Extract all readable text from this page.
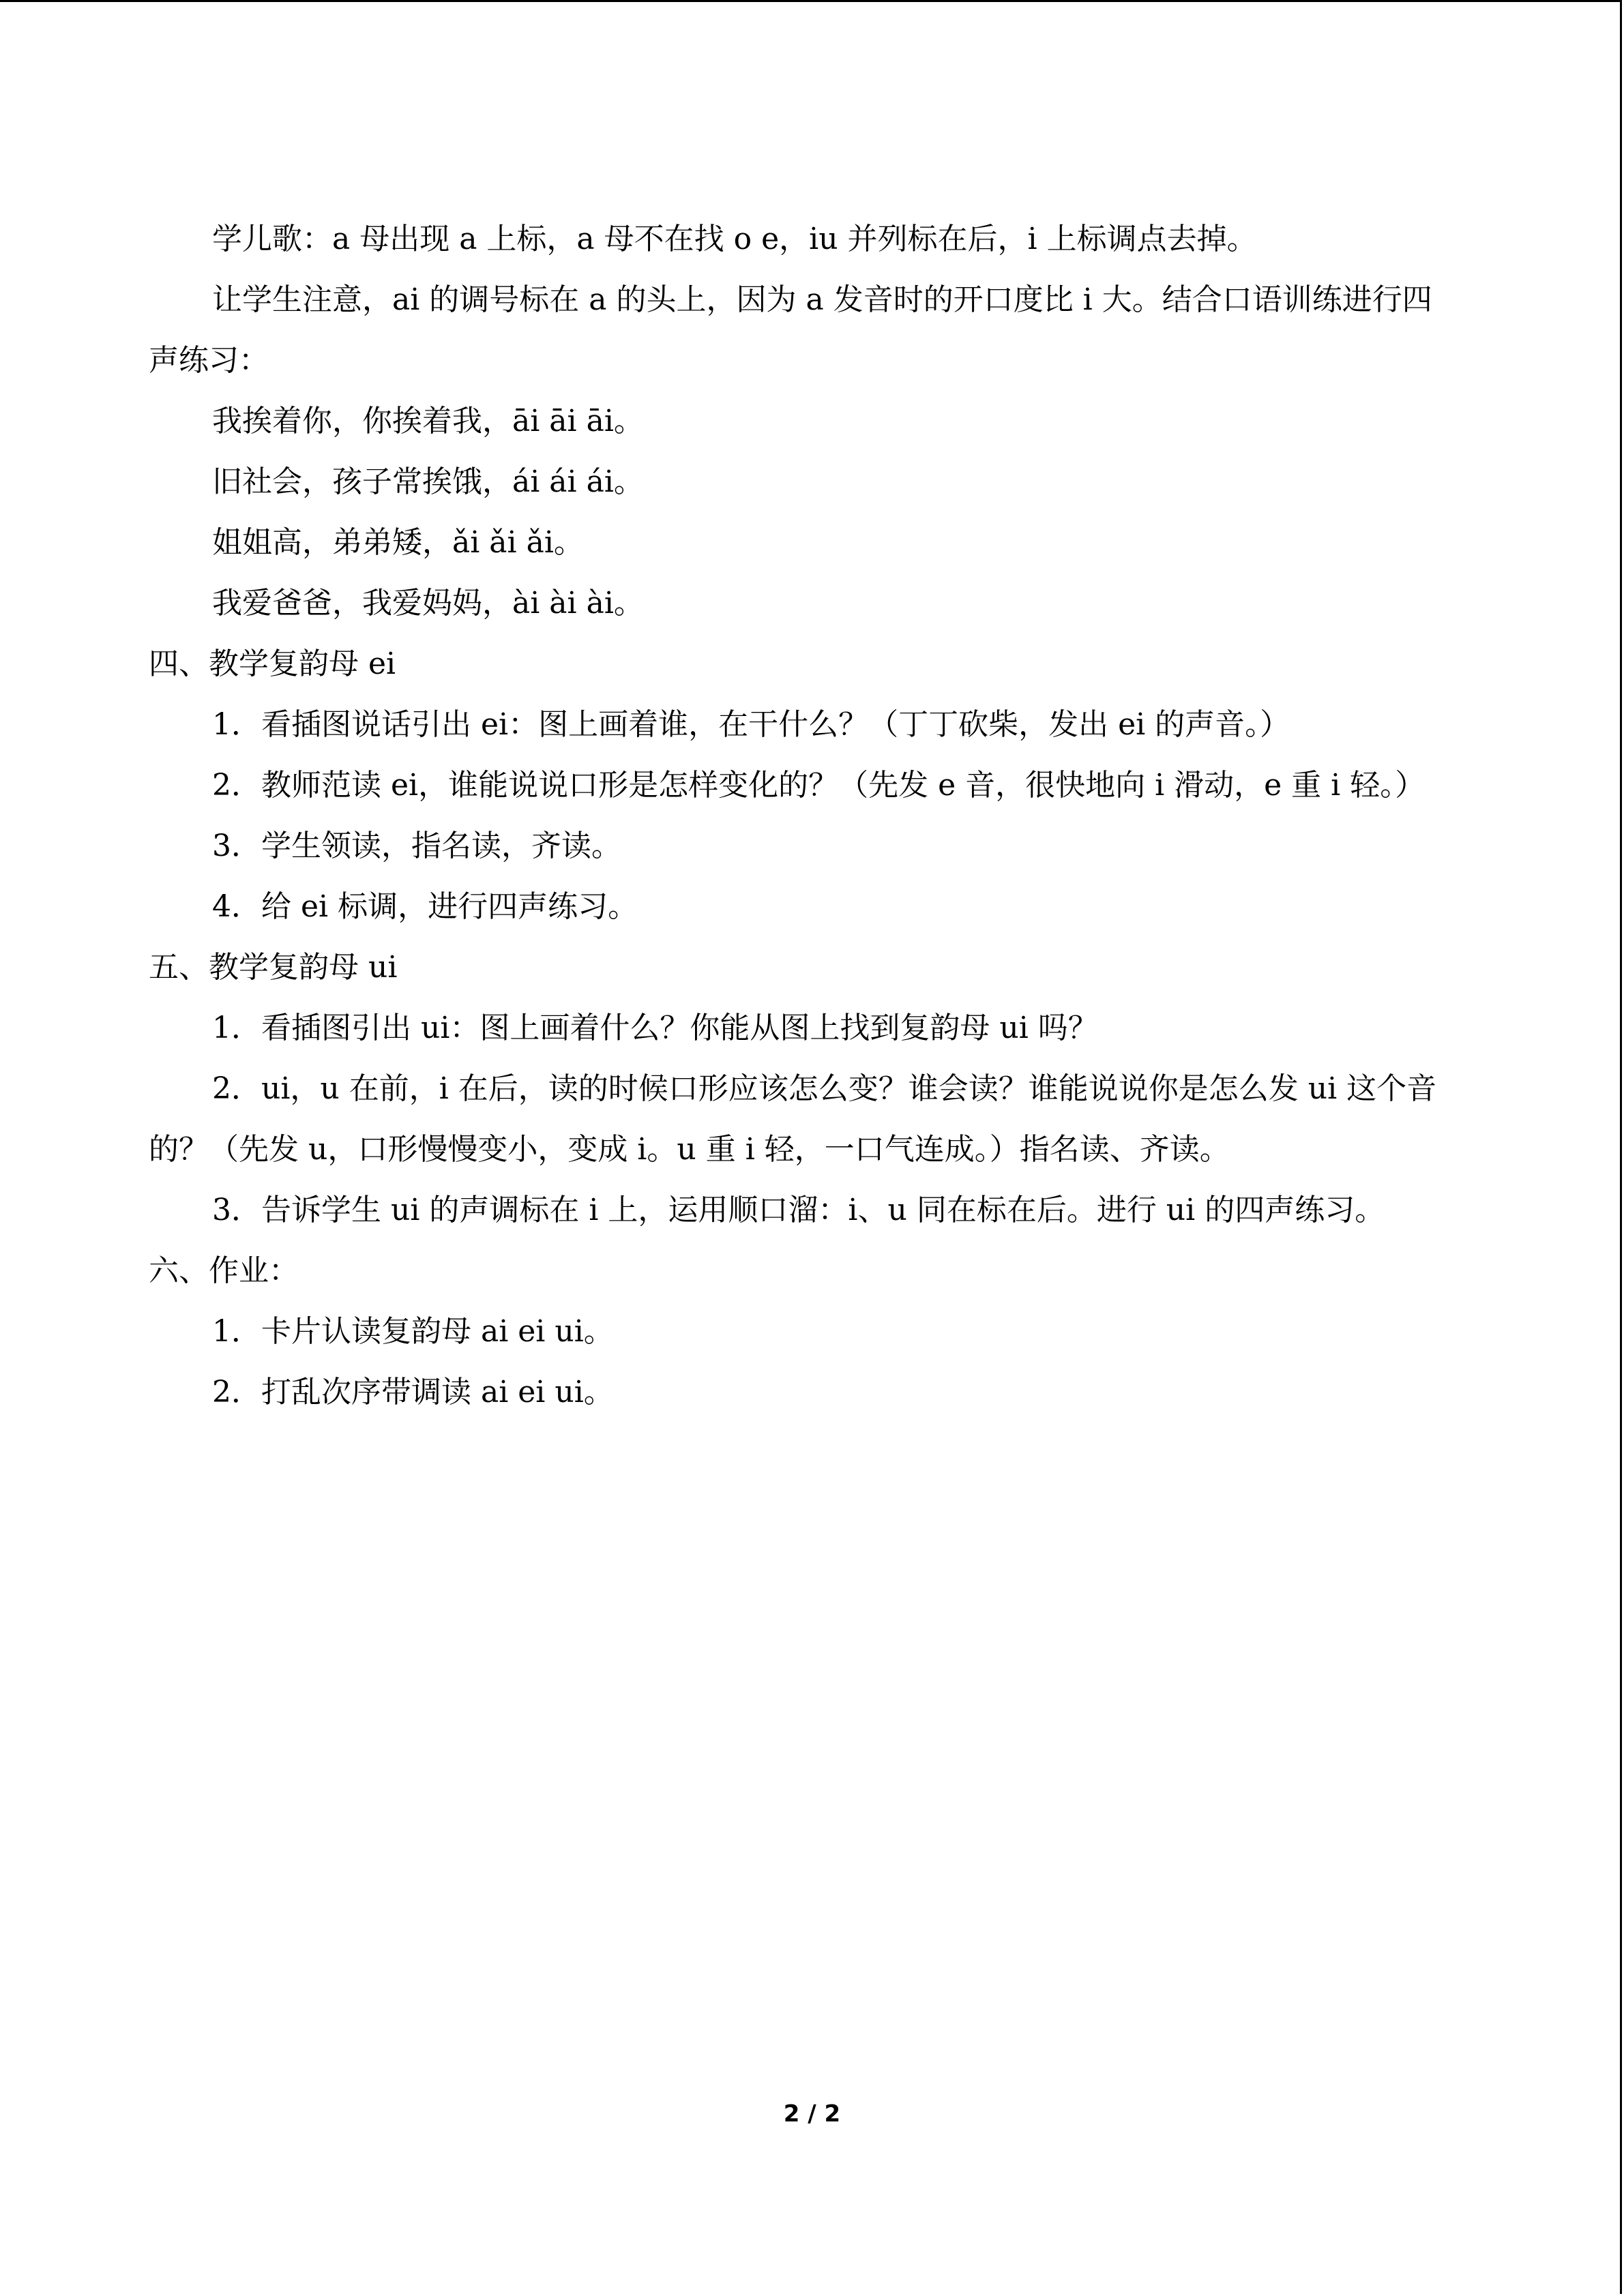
学儿歌：a 母出现 a 上标，a 母不在找 o e，iu 并列标在后，i 上标调点去掉。

让学生注意，ai 的调号标在 a 的头上，因为 a 发音时的开口度比 i 大。结合口语训练进行四声练习：

我挨着你，你挨着我，āi āi āi。

旧社会，孩子常挨饿，ái ái ái。

姐姐高，弟弟矮，ǎi ǎi ǎi。

我爱爸爸，我爱妈妈，ài ài ài。

四、教学复韵母 ei

1．看插图说话引出 ei：图上画着谁，在干什么？（丁丁砍柴，发出 ei 的声音。）

2．教师范读 ei，谁能说说口形是怎样变化的？（先发 e 音，很快地向 i 滑动，e 重 i 轻。）

3．学生领读，指名读，齐读。

4．给 ei 标调，进行四声练习。

五、教学复韵母 ui

1．看插图引出 ui：图上画着什么？你能从图上找到复韵母 ui 吗？

2．ui，u 在前，i 在后，读的时候口形应该怎么变？谁会读？谁能说说你是怎么发 ui 这个音的？（先发 u，口形慢慢变小，变成 i。u 重 i 轻，一口气连成。）指名读、齐读。

3．告诉学生 ui 的声调标在 i 上，运用顺口溜：i、u 同在标在后。进行 ui 的四声练习。

六、作业：

1．卡片认读复韵母 ai ei ui。

2．打乱次序带调读 ai ei ui。

2 / 2
